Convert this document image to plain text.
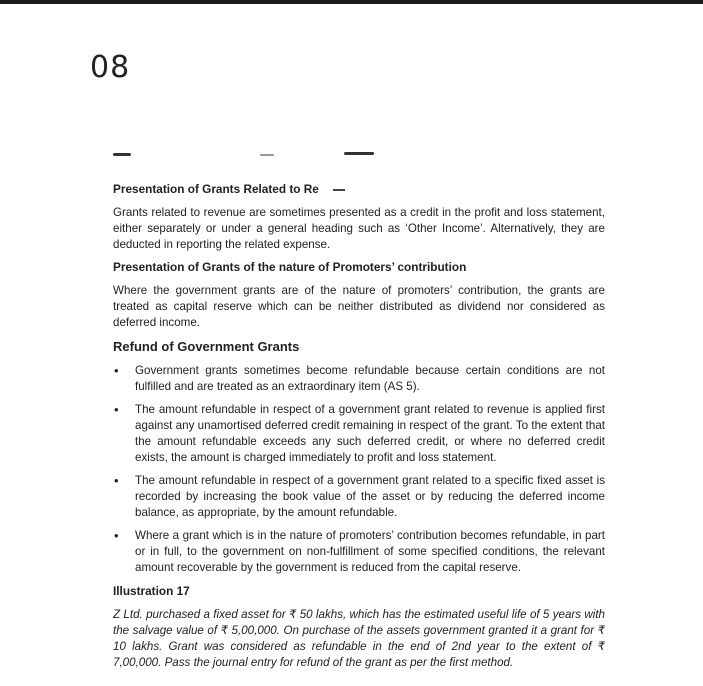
08

Presentation of Grants Related to Re

Grants related to revenue are sometimes presented as a credit in the profit and loss statement, either separately or under a general heading such as ‘Other Income’. Alternatively, they are deducted in reporting the related expense.

Presentation of Grants of the nature of Promoters’ contribution

Where the government grants are of the nature of promoters’ contribution, the grants are treated as capital reserve which can be neither distributed as dividend nor considered as deferred income.

Refund of Government Grants

• Government grants sometimes become refundable because certain conditions are not fulfilled and are treated as an extraordinary item (AS 5).
• The amount refundable in respect of a government grant related to revenue is applied first against any unamortised deferred credit remaining in respect of the grant. To the extent that the amount refundable exceeds any such deferred credit, or where no deferred credit exists, the amount is charged immediately to profit and loss statement.
• The amount refundable in respect of a government grant related to a specific fixed asset is recorded by increasing the book value of the asset or by reducing the deferred income balance, as appropriate, by the amount refundable.
• Where a grant which is in the nature of promoters’ contribution becomes refundable, in part or in full, to the government on non-fulfillment of some specified conditions, the relevant amount recoverable by the government is reduced from the capital reserve.

Illustration 17

Z Ltd. purchased a fixed asset for ₹ 50 lakhs, which has the estimated useful life of 5 years with the salvage value of ₹ 5,00,000. On purchase of the assets government granted it a grant for ₹ 10 lakhs. Grant was considered as refundable in the end of 2nd year to the extent of ₹ 7,00,000. Pass the journal entry for refund of the grant as per the first method.
